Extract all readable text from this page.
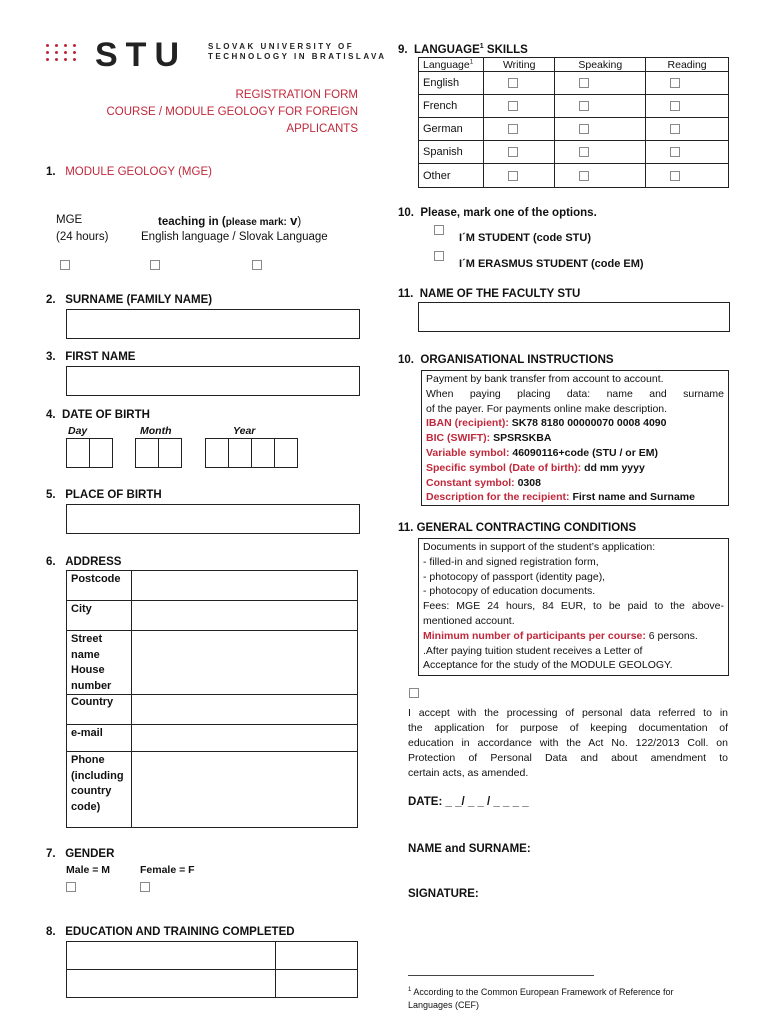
STU	SLOVAK UNIVERSITY OF
TECHNOLOGY IN BRATISLAVA
REGISTRATION FORM
COURSE / MODULE GEOLOGY FOR FOREIGN
APPLICANTS
1. MODULE GEOLOGY (MGE)
MGE
(24 hours)
teaching in (please mark: v)
English language / Slovak Language
2. SURNAME (FAMILY NAME)
3. FIRST NAME
4. DATE OF BIRTH
Day	Month	Year
5. PLACE OF BIRTH
6. ADDRESS
Postcode	
City	

Street
name
House
number	

Country	
e-mail	

Phone
(including
country
code)	

7. GENDER
Male = M	Female = F
8. EDUCATION AND TRAINING COMPLETED

9. LANGUAGE$^1$ SKILLS
Language$^1$	Writing	Speaking	Reading
English	

French	

German	

Spanish	

Other	

10. Please, mark one of the options.
I´M STUDENT (code STU)
I´M ERASMUS STUDENT (code EM)
11. NAME OF THE FACULTY STU
10. ORGANISATIONAL INSTRUCTIONS
Payment by bank transfer from account to account.
When paying placing data: name and surname
of the payer. For payments online make description.
IBAN (recipient): SK78 8180 00000070 0008 4090
BIC (SWIFT): SPSRSKBA
Variable symbol: 46090116+code (STU / or EM)
Specific symbol (Date of birth): dd mm yyyy
Constant symbol: 0308
Description for the recipient: First name and Surname
11. GENERAL CONTRACTING CONDITIONS
Documents in support of the student’s application:
- filled-in and signed registration form,
- photocopy of passport (identity page),
- photocopy of education documents.
Fees: MGE 24 hours, 84 EUR, to be paid to the above-
mentioned account.
Minimum number of participants per course: 6 persons.
.After paying tuition student receives a Letter of
Acceptance for the study of the MODULE GEOLOGY.
I accept with the processing of personal data referred to in
the application for purpose of keeping documentation of
education in accordance with the Act No. 122/2013 Coll. on
Protection of Personal Data and about amendment to
certain acts, as amended.
DATE: _ _/ _ _ / _ _ _ _
NAME and SURNAME:
SIGNATURE:
$^1$ According to the Common European Framework of Reference for
Languages (CEF)
